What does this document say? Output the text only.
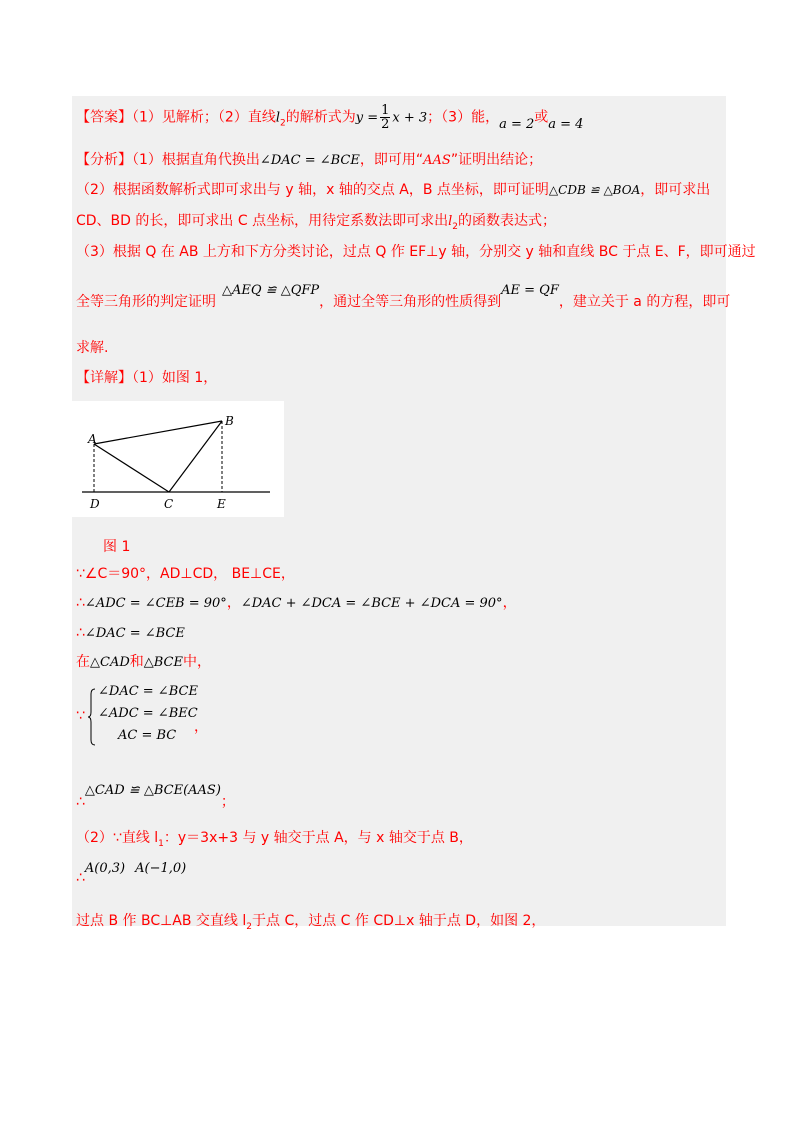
【答案】（1）见解析；（2）直线$l_2$的解析式为$y = \frac{1}{2}$ x + 3；（3）能，a = 2或a = 4
【分析】（1）根据直角代换出∠DAC = ∠BCE，即可用“AAS”证明出结论；
（2）根据函数解析式即可求出与 y 轴，x 轴的交点 A，B 点坐标，即可证明△CDB ≌ △BOA，即可求出
CD、BD 的长，即可求出 C 点坐标，用待定系数法即可求出$l_2$的函数表达式；
（3）根据 Q 在 AB 上方和下方分类讨论，过点 Q 作 EF⊥y 轴，分别交 y 轴和直线 BC 于点 E、F，即可通过
全等三角形的判定证明△AEQ ≌ △QFP，通过全等三角形的性质得到AE = QF，建立关于 a 的方程，即可
求解.
【详解】（1）如图 1，
A
B
C
D	E
图 1
∵∠C＝90°，AD⊥CD， BE⊥CE，
∴∠ADC = ∠CEB = 90°，∠DAC + ∠DCA = ∠BCE + ∠DCA = 90°，
∴∠DAC = ∠BCE
在△CAD和△BCE中，
∵
∠DAC = ∠BCE
∠ADC = ∠BEC
AC = BC
，
∴△CAD ≌ △BCE(AAS)；
（2）∵直线 $l_1$：y＝3x+3 与 y 轴交于点 A，与 x 轴交于点 B，
∴A(0,3) A(−1,0)
过点 B 作 BC⊥AB 交直线 $l_2$于点 C，过点 C 作 CD⊥x 轴于点 D，如图 2，
